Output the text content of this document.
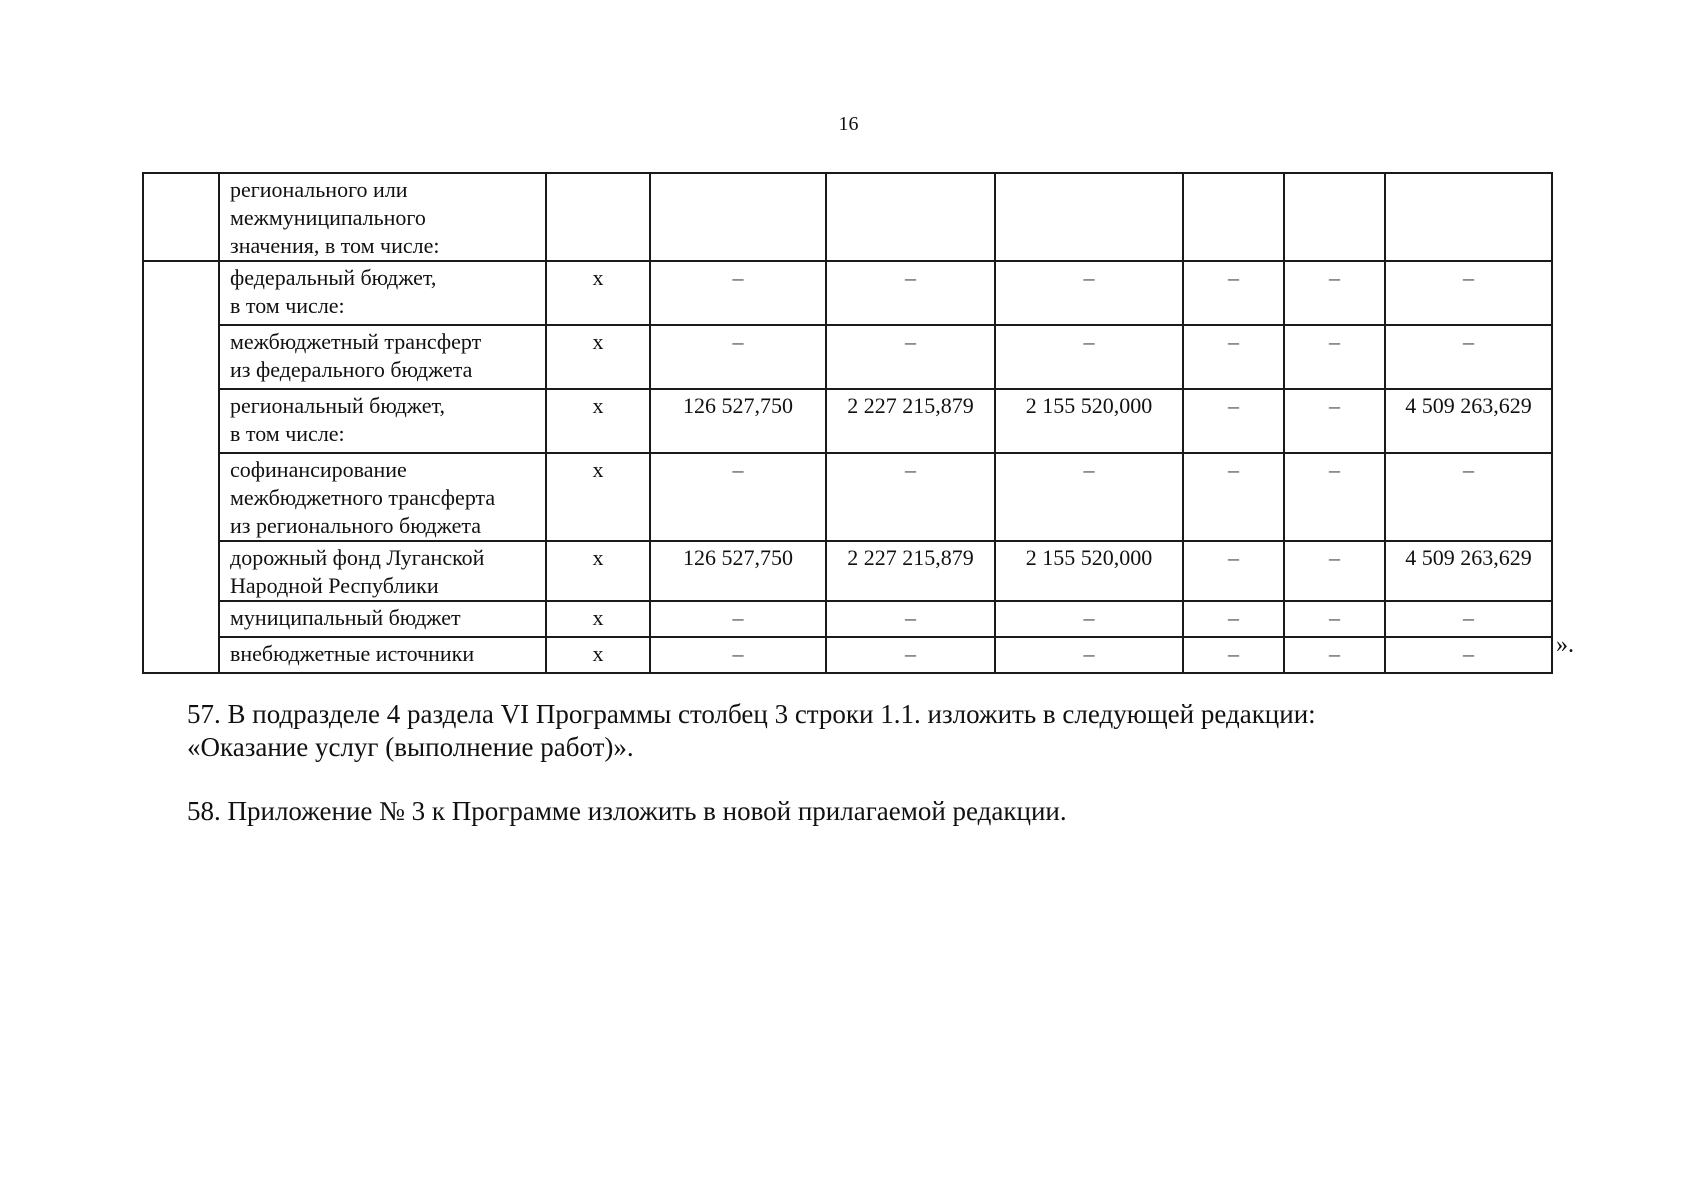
16
	регионального или
межмуниципального
значения, в том числе:							
	федеральный бюджет,
в том числе:	х	–	–	–	–	–	–
	межбюджетный трансферт
из федерального бюджета	х	–	–	–	–	–	–
	региональный бюджет,
в том числе:	х	126 527,750	2 227 215,879	2 155 520,000	–	–	4 509 263,629
	софинансирование
межбюджетного трансферта
из регионального бюджета	х	–	–	–	–	–	–
	дорожный фонд Луганской
Народной Республики	х	126 527,750	2 227 215,879	2 155 520,000	–	–	4 509 263,629
	муниципальный бюджет	х	–	–	–	–	–	–
	внебюджетные источники	х	–	–	–	–	–	–	».
57. В подразделе 4 раздела VI Программы столбец 3 строки 1.1. изложить в следующей редакции:
«Оказание услуг (выполнение работ)».
58. Приложение № 3 к Программе изложить в новой прилагаемой редакции.
